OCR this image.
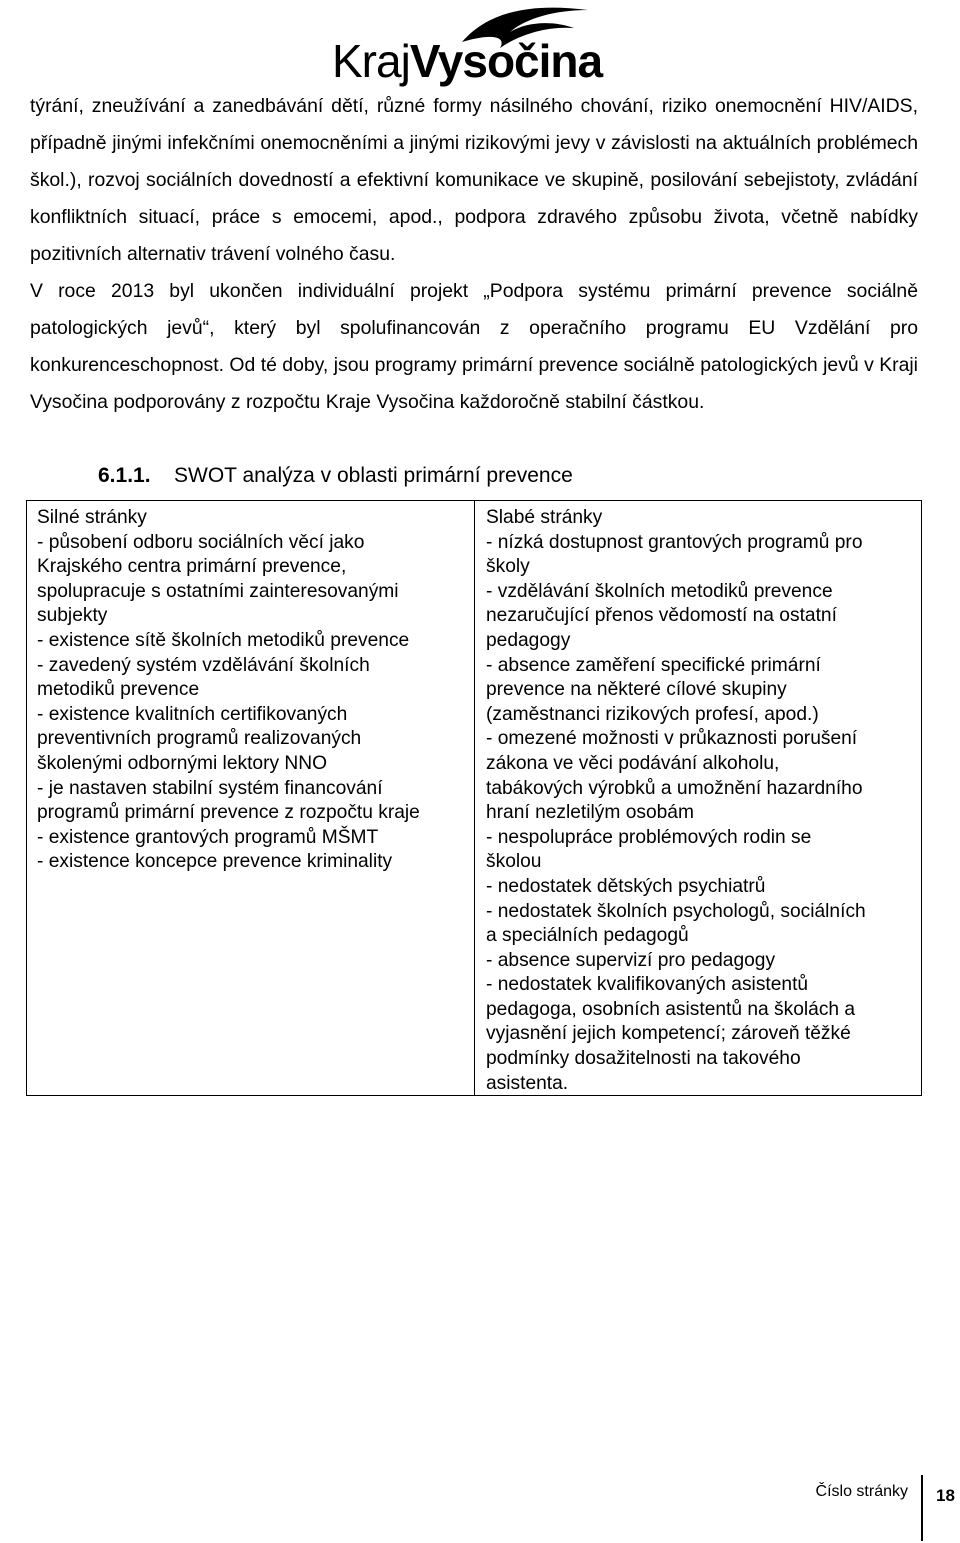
KrajVysočina

týrání, zneužívání a zanedbávání dětí, různé formy násilného chování, riziko onemocnění HIV/AIDS, případně jinými infekčními onemocněními a jinými rizikovými jevy v závislosti na aktuálních problémech škol.), rozvoj sociálních dovedností a efektivní komunikace ve skupině, posilování sebejistoty, zvládání konfliktních situací, práce s emocemi, apod., podpora zdravého způsobu života, včetně nabídky pozitivních alternativ trávení volného času.

V roce 2013 byl ukončen individuální projekt „Podpora systému primární prevence sociálně patologických jevů“, který byl spolufinancován z operačního programu EU Vzdělání pro konkurenceschopnost. Od té doby, jsou programy primární prevence sociálně patologických jevů v Kraji Vysočina podporovány z rozpočtu Kraje Vysočina každoročně stabilní částkou.

6.1.1. SWOT analýza v oblasti primární prevence
Silné stránky
- působení odboru sociálních věcí jako
Krajského centra primární prevence,
spolupracuje s ostatními zainteresovanými
subjekty
- existence sítě školních metodiků prevence
- zavedený systém vzdělávání školních
metodiků prevence
- existence kvalitních certifikovaných
preventivních programů realizovaných
školenými odbornými lektory NNO
- je nastaven stabilní systém financování
programů primární prevence z rozpočtu kraje
- existence grantových programů MŠMT
- existence koncepce prevence kriminality
Slabé stránky
- nízká dostupnost grantových programů pro
školy
- vzdělávání školních metodiků prevence
nezaručující přenos vědomostí na ostatní
pedagogy
- absence zaměření specifické primární
prevence na některé cílové skupiny
(zaměstnanci rizikových profesí, apod.)
- omezené možnosti v průkaznosti porušení
zákona ve věci podávání alkoholu,
tabákových výrobků a umožnění hazardního
hraní nezletilým osobám
- nespolupráce problémových rodin se
školou
- nedostatek dětských psychiatrů
- nedostatek školních psychologů, sociálních
a speciálních pedagogů
- absence supervizí pro pedagogy
- nedostatek kvalifikovaných asistentů
pedagoga, osobních asistentů na školách a
vyjasnění jejich kompetencí; zároveň těžké
podmínky dosažitelnosti na takového
asistenta.
Číslo stránky 18
